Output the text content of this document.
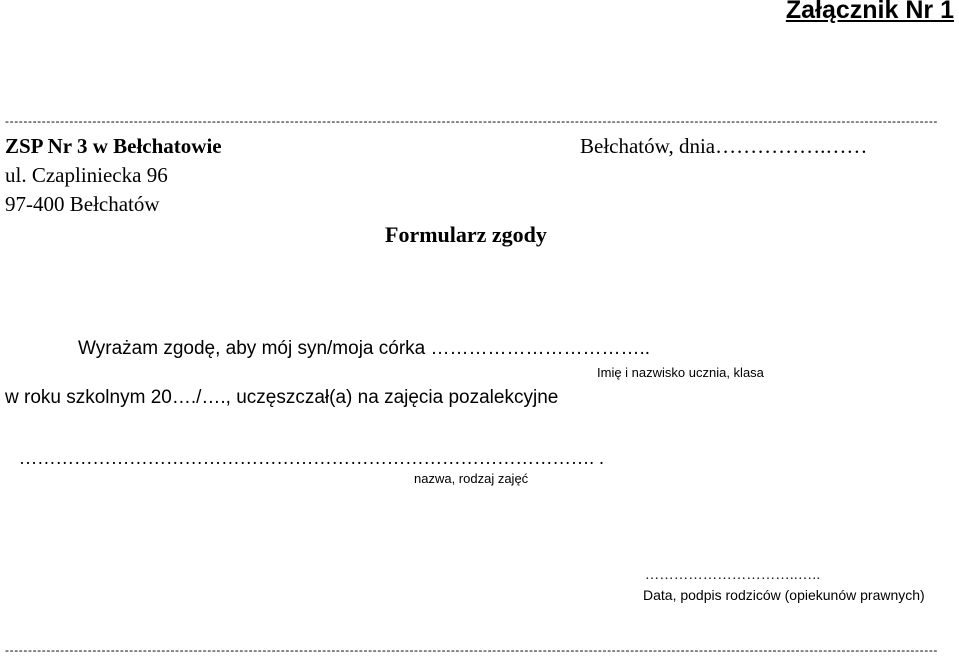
Załącznik Nr 1
-----------------------------------------------------------------------------------------------------------------------------------------------------------------------------------------------------------
ZSP Nr 3 w Bełchatowie
ul. Czapliniecka 96
97-400 Bełchatów
Bełchatów, dnia…………….……
Formularz zgody
Wyrażam zgodę, aby mój syn/moja córka ……………………………..
Imię i nazwisko ucznia, klasa
w roku szkolnym 20…./…., uczęszczał(a) na zajęcia pozalekcyjne
…………………………………………………………………………………. .
nazwa, rodzaj zajęć
…………………………..…..
Data, podpis rodziców (opiekunów prawnych)
-----------------------------------------------------------------------------------------------------------------------------------------------------------------------------------------------------------
